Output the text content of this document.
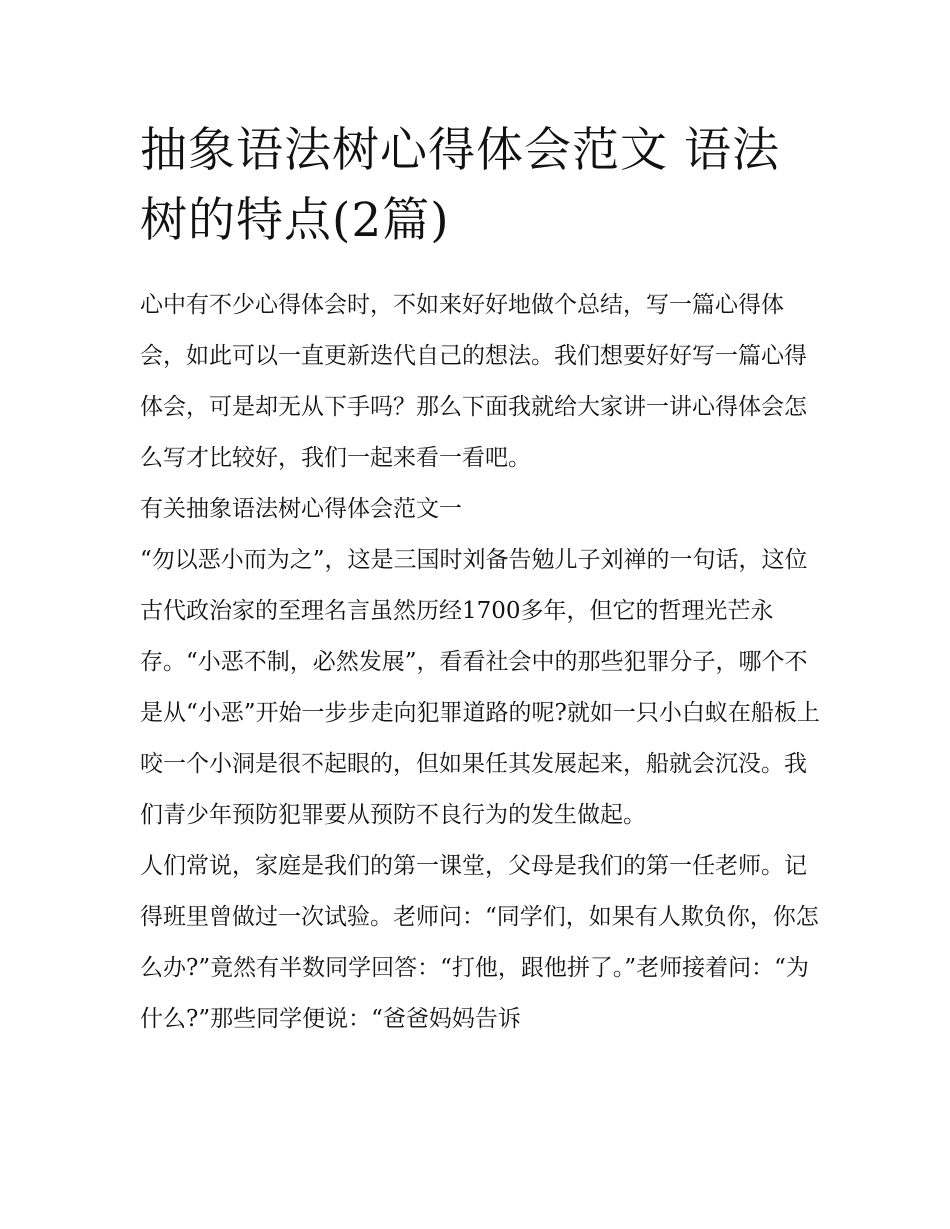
抽象语法树心得体会范文 语法树的特点(2篇)

心中有不少心得体会时，不如来好好地做个总结，写一篇心得体会，如此可以一直更新迭代自己的想法。我们想要好好写一篇心得体会，可是却无从下手吗？那么下面我就给大家讲一讲心得体会怎么写才比较好，我们一起来看一看吧。

有关抽象语法树心得体会范文一

“勿以恶小而为之”，这是三国时刘备告勉儿子刘禅的一句话，这位古代政治家的至理名言虽然历经1700多年，但它的哲理光芒永存。“小恶不制，必然发展”，看看社会中的那些犯罪分子，哪个不是从“小恶”开始一步步走向犯罪道路的呢?就如一只小白蚁在船板上咬一个小洞是很不起眼的，但如果任其发展起来，船就会沉没。我们青少年预防犯罪要从预防不良行为的发生做起。

人们常说，家庭是我们的第一课堂，父母是我们的第一任老师。记得班里曾做过一次试验。老师问：“同学们，如果有人欺负你，你怎么办?”竟然有半数同学回答：“打他，跟他拼了。”老师接着问：“为什么?”那些同学便说：“爸爸妈妈告诉
